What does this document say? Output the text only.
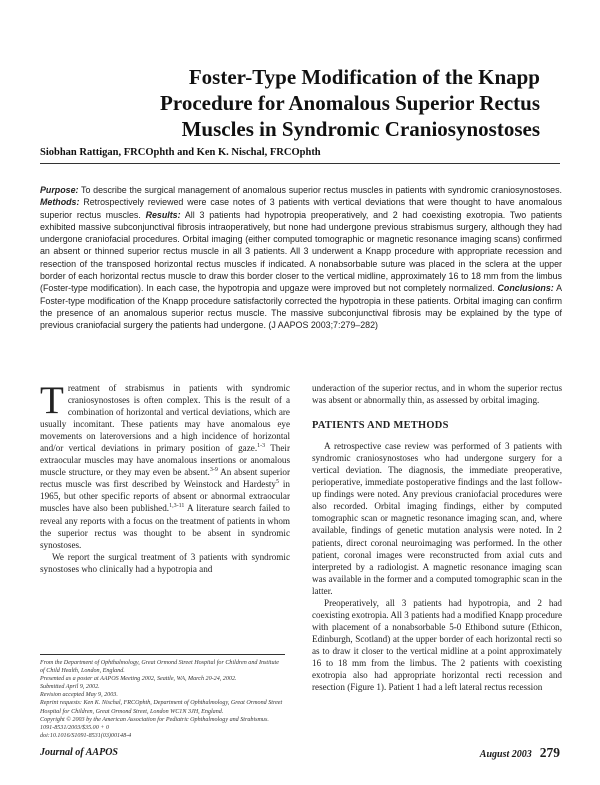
Foster-Type Modification of the Knapp
Procedure for Anomalous Superior Rectus
Muscles in Syndromic Craniosynostoses
Siobhan Rattigan, FRCOphth and Ken K. Nischal, FRCOphth

Purpose: To describe the surgical management of anomalous superior rectus muscles in patients with syndromic craniosynostoses. Methods: Retrospectively reviewed were case notes of 3 patients with vertical deviations that were thought to have anomalous superior rectus muscles. Results: All 3 patients had hypotropia preoperatively, and 2 had coexisting exotropia. Two patients exhibited massive subconjunctival fibrosis intraoperatively, but none had undergone previous strabismus surgery, although they had undergone craniofacial procedures. Orbital imaging (either computed tomographic or magnetic resonance imaging scans) confirmed an absent or thinned superior rectus muscle in all 3 patients. All 3 underwent a Knapp procedure with appropriate recession and resection of the transposed horizontal rectus muscles if indicated. A nonabsorbable suture was placed in the sclera at the upper border of each horizontal rectus muscle to draw this border closer to the vertical midline, approximately 16 to 18 mm from the limbus (Foster-type modification). In each case, the hypotropia and upgaze were improved but not completely normalized. Conclusions: A Foster-type modification of the Knapp procedure satisfactorily corrected the hypotropia in these patients. Orbital imaging can confirm the presence of an anomalous superior rectus muscle. The massive subconjunctival fibrosis may be explained by the type of previous craniofacial surgery the patients had undergone. (J AAPOS 2003;7:279–282)

Treatment of strabismus in patients with syndromic craniosynostoses is often complex. This is the result of a combination of horizontal and vertical deviations, which are usually incomitant. These patients may have anomalous eye movements on lateroversions and a high incidence of horizontal and/or vertical deviations in primary position of gaze.$^{1-3}$ Their extraocular muscles may have anomalous insertions or anomalous muscle structure, or they may even be absent.$^{3-9}$ An absent superior rectus muscle was first described by Weinstock and Hardesty$^5$ in 1965, but other specific reports of absent or abnormal extraocular muscles have also been published.$^{1,3-11}$ A literature search failed to reveal any reports with a focus on the treatment of patients in whom the superior rectus was thought to be absent in syndromic synostoses.

We report the surgical treatment of 3 patients with syndromic synostoses who clinically had a hypotropia and

underaction of the superior rectus, and in whom the superior rectus was absent or abnormally thin, as assessed by orbital imaging.

PATIENTS AND METHODS

A retrospective case review was performed of 3 patients with syndromic craniosynostoses who had undergone surgery for a vertical deviation. The diagnosis, the immediate preoperative, perioperative, immediate postoperative findings and the last follow-up findings were noted. Any previous craniofacial procedures were also recorded. Orbital imaging findings, either by computed tomographic scan or magnetic resonance imaging scan, and, where available, findings of genetic mutation analysis were noted. In 2 patients, direct coronal neuroimaging was performed. In the other patient, coronal images were reconstructed from axial cuts and interpreted by a radiologist. A magnetic resonance imaging scan was available in the former and a computed tomographic scan in the latter.

Preoperatively, all 3 patients had hypotropia, and 2 had coexisting exotropia. All 3 patients had a modified Knapp procedure with placement of a nonabsorbable 5-0 Ethibond suture (Ethicon, Edinburgh, Scotland) at the upper border of each horizontal recti so as to draw it closer to the vertical midline at a point approximately 16 to 18 mm from the limbus. The 2 patients with coexisting exotropia also had appropriate horizontal recti recession and resection (Figure 1). Patient 1 had a left lateral rectus recession

From the Department of Ophthalmology, Great Ormond Street Hospital for Children and Institute of Child Health, London, England.

Presented as a poster at AAPOS Meeting 2002, Seattle, WA, March 20-24, 2002.

Submitted April 9, 2002.

Revision accepted May 9, 2003.

Reprint requests: Ken K. Nischal, FRCOphth, Department of Ophthalmology, Great Ormond Street Hospital for Children, Great Ormond Street, London WC1N 3JH, England.

Copyright © 2003 by the American Association for Pediatric Ophthalmology and Strabismus.

1091-8531/2003/$35.00 + 0

doi:10.1016/S1091-8531(03)00148-4

Journal of AAPOS	August 2003 279
